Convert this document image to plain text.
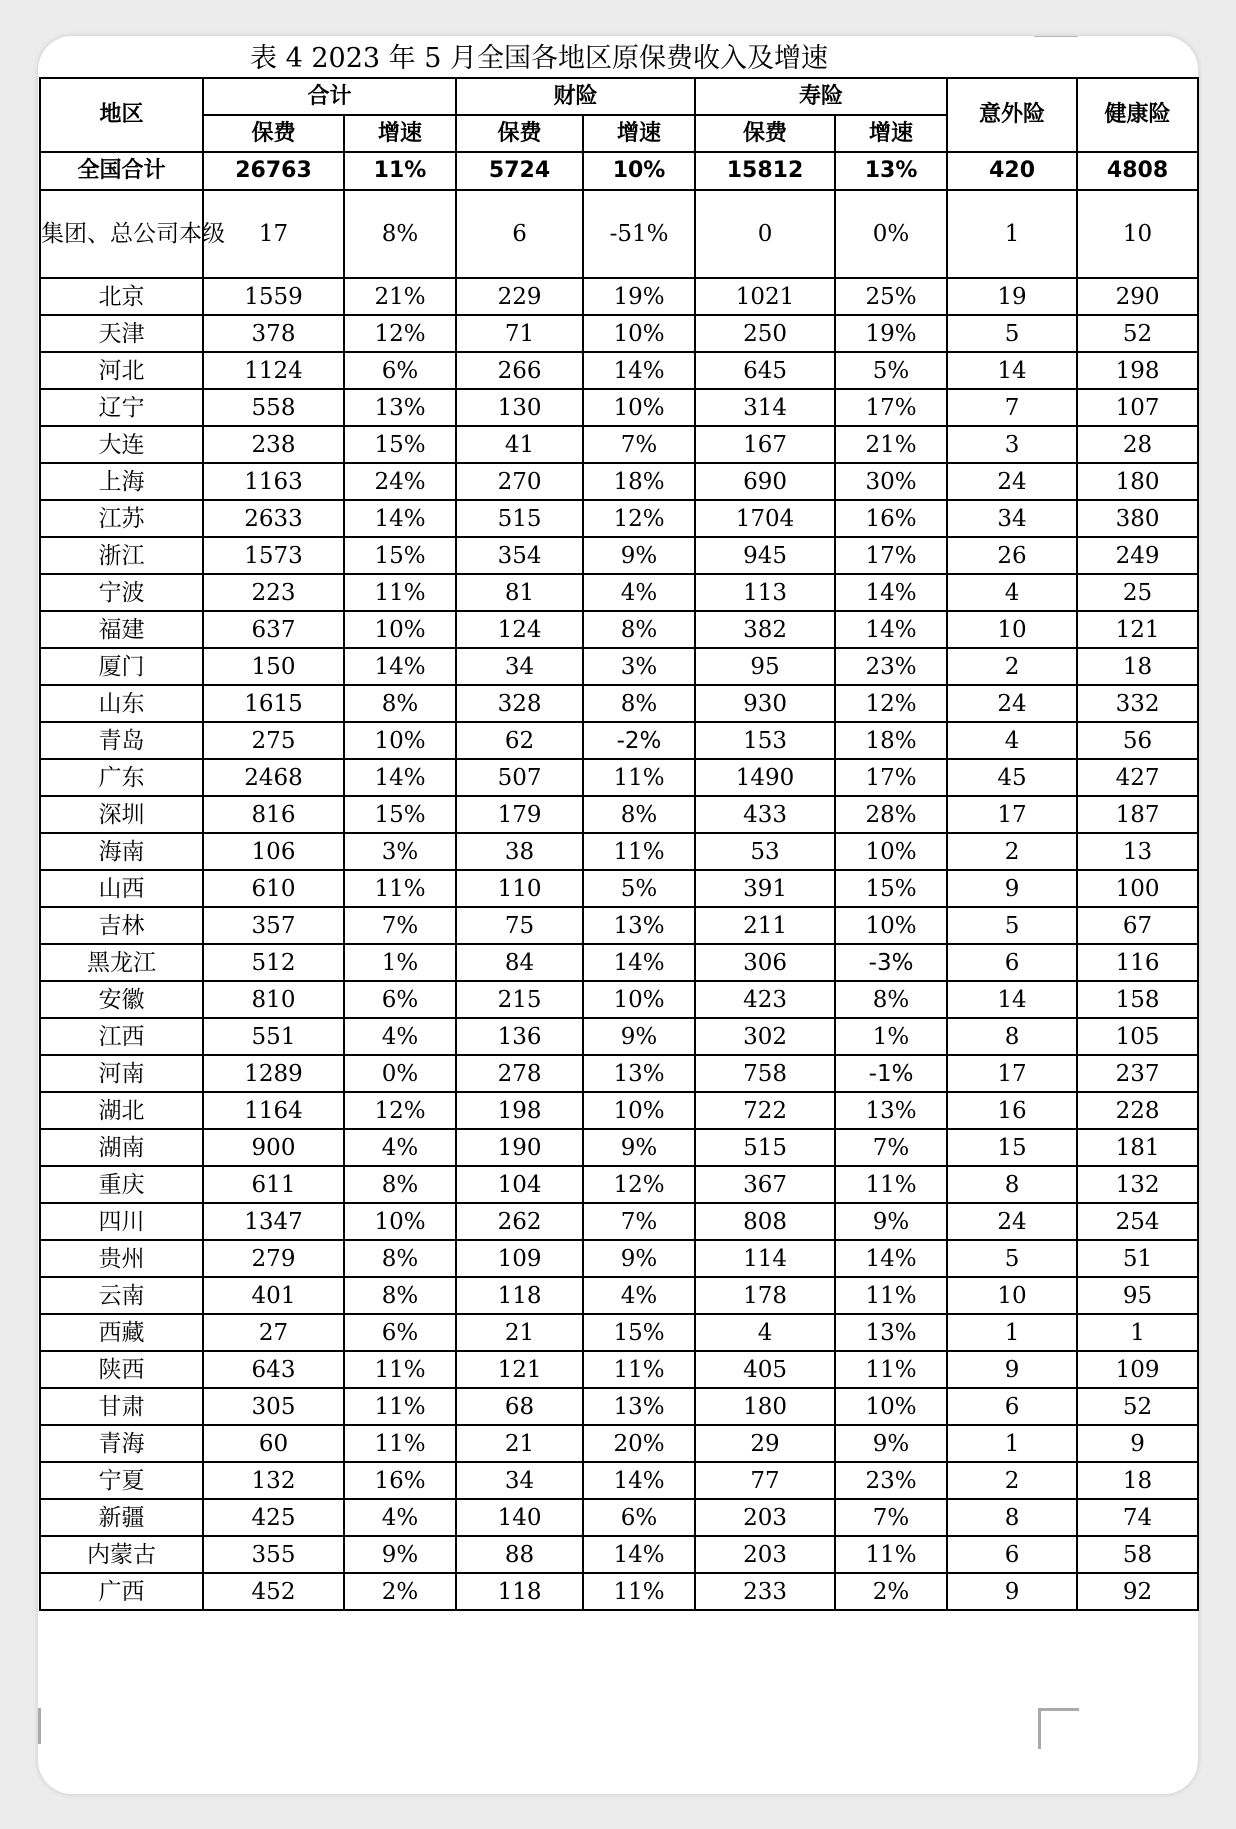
表 4 2023 年 5 月全国各地区原保费收入及增速
地区	合计		财险		寿险		意外险	健康险
	保费	增速	保费	增速	保费	增速		
全国合计	26763	11%	5724	10%	15812	13%	420	4808
集团、总公司本级	17	8%	6	-51%	0	0%	1	10
北京	1559	21%	229	19%	1021	25%	19	290
天津	378	12%	71	10%	250	19%	5	52
河北	1124	6%	266	14%	645	5%	14	198
辽宁	558	13%	130	10%	314	17%	7	107
大连	238	15%	41	7%	167	21%	3	28
上海	1163	24%	270	18%	690	30%	24	180
江苏	2633	14%	515	12%	1704	16%	34	380
浙江	1573	15%	354	9%	945	17%	26	249
宁波	223	11%	81	4%	113	14%	4	25
福建	637	10%	124	8%	382	14%	10	121
厦门	150	14%	34	3%	95	23%	2	18
山东	1615	8%	328	8%	930	12%	24	332
青岛	275	10%	62	-2%	153	18%	4	56
广东	2468	14%	507	11%	1490	17%	45	427
深圳	816	15%	179	8%	433	28%	17	187
海南	106	3%	38	11%	53	10%	2	13
山西	610	11%	110	5%	391	15%	9	100
吉林	357	7%	75	13%	211	10%	5	67
黑龙江	512	1%	84	14%	306	-3%	6	116
安徽	810	6%	215	10%	423	8%	14	158
江西	551	4%	136	9%	302	1%	8	105
河南	1289	0%	278	13%	758	-1%	17	237
湖北	1164	12%	198	10%	722	13%	16	228
湖南	900	4%	190	9%	515	7%	15	181
重庆	611	8%	104	12%	367	11%	8	132
四川	1347	10%	262	7%	808	9%	24	254
贵州	279	8%	109	9%	114	14%	5	51
云南	401	8%	118	4%	178	11%	10	95
西藏	27	6%	21	15%	4	13%	1	1
陕西	643	11%	121	11%	405	11%	9	109
甘肃	305	11%	68	13%	180	10%	6	52
青海	60	11%	21	20%	29	9%	1	9
宁夏	132	16%	34	14%	77	23%	2	18
新疆	425	4%	140	6%	203	7%	8	74
内蒙古	355	9%	88	14%	203	11%	6	58
广西	452	2%	118	11%	233	2%	9	92
